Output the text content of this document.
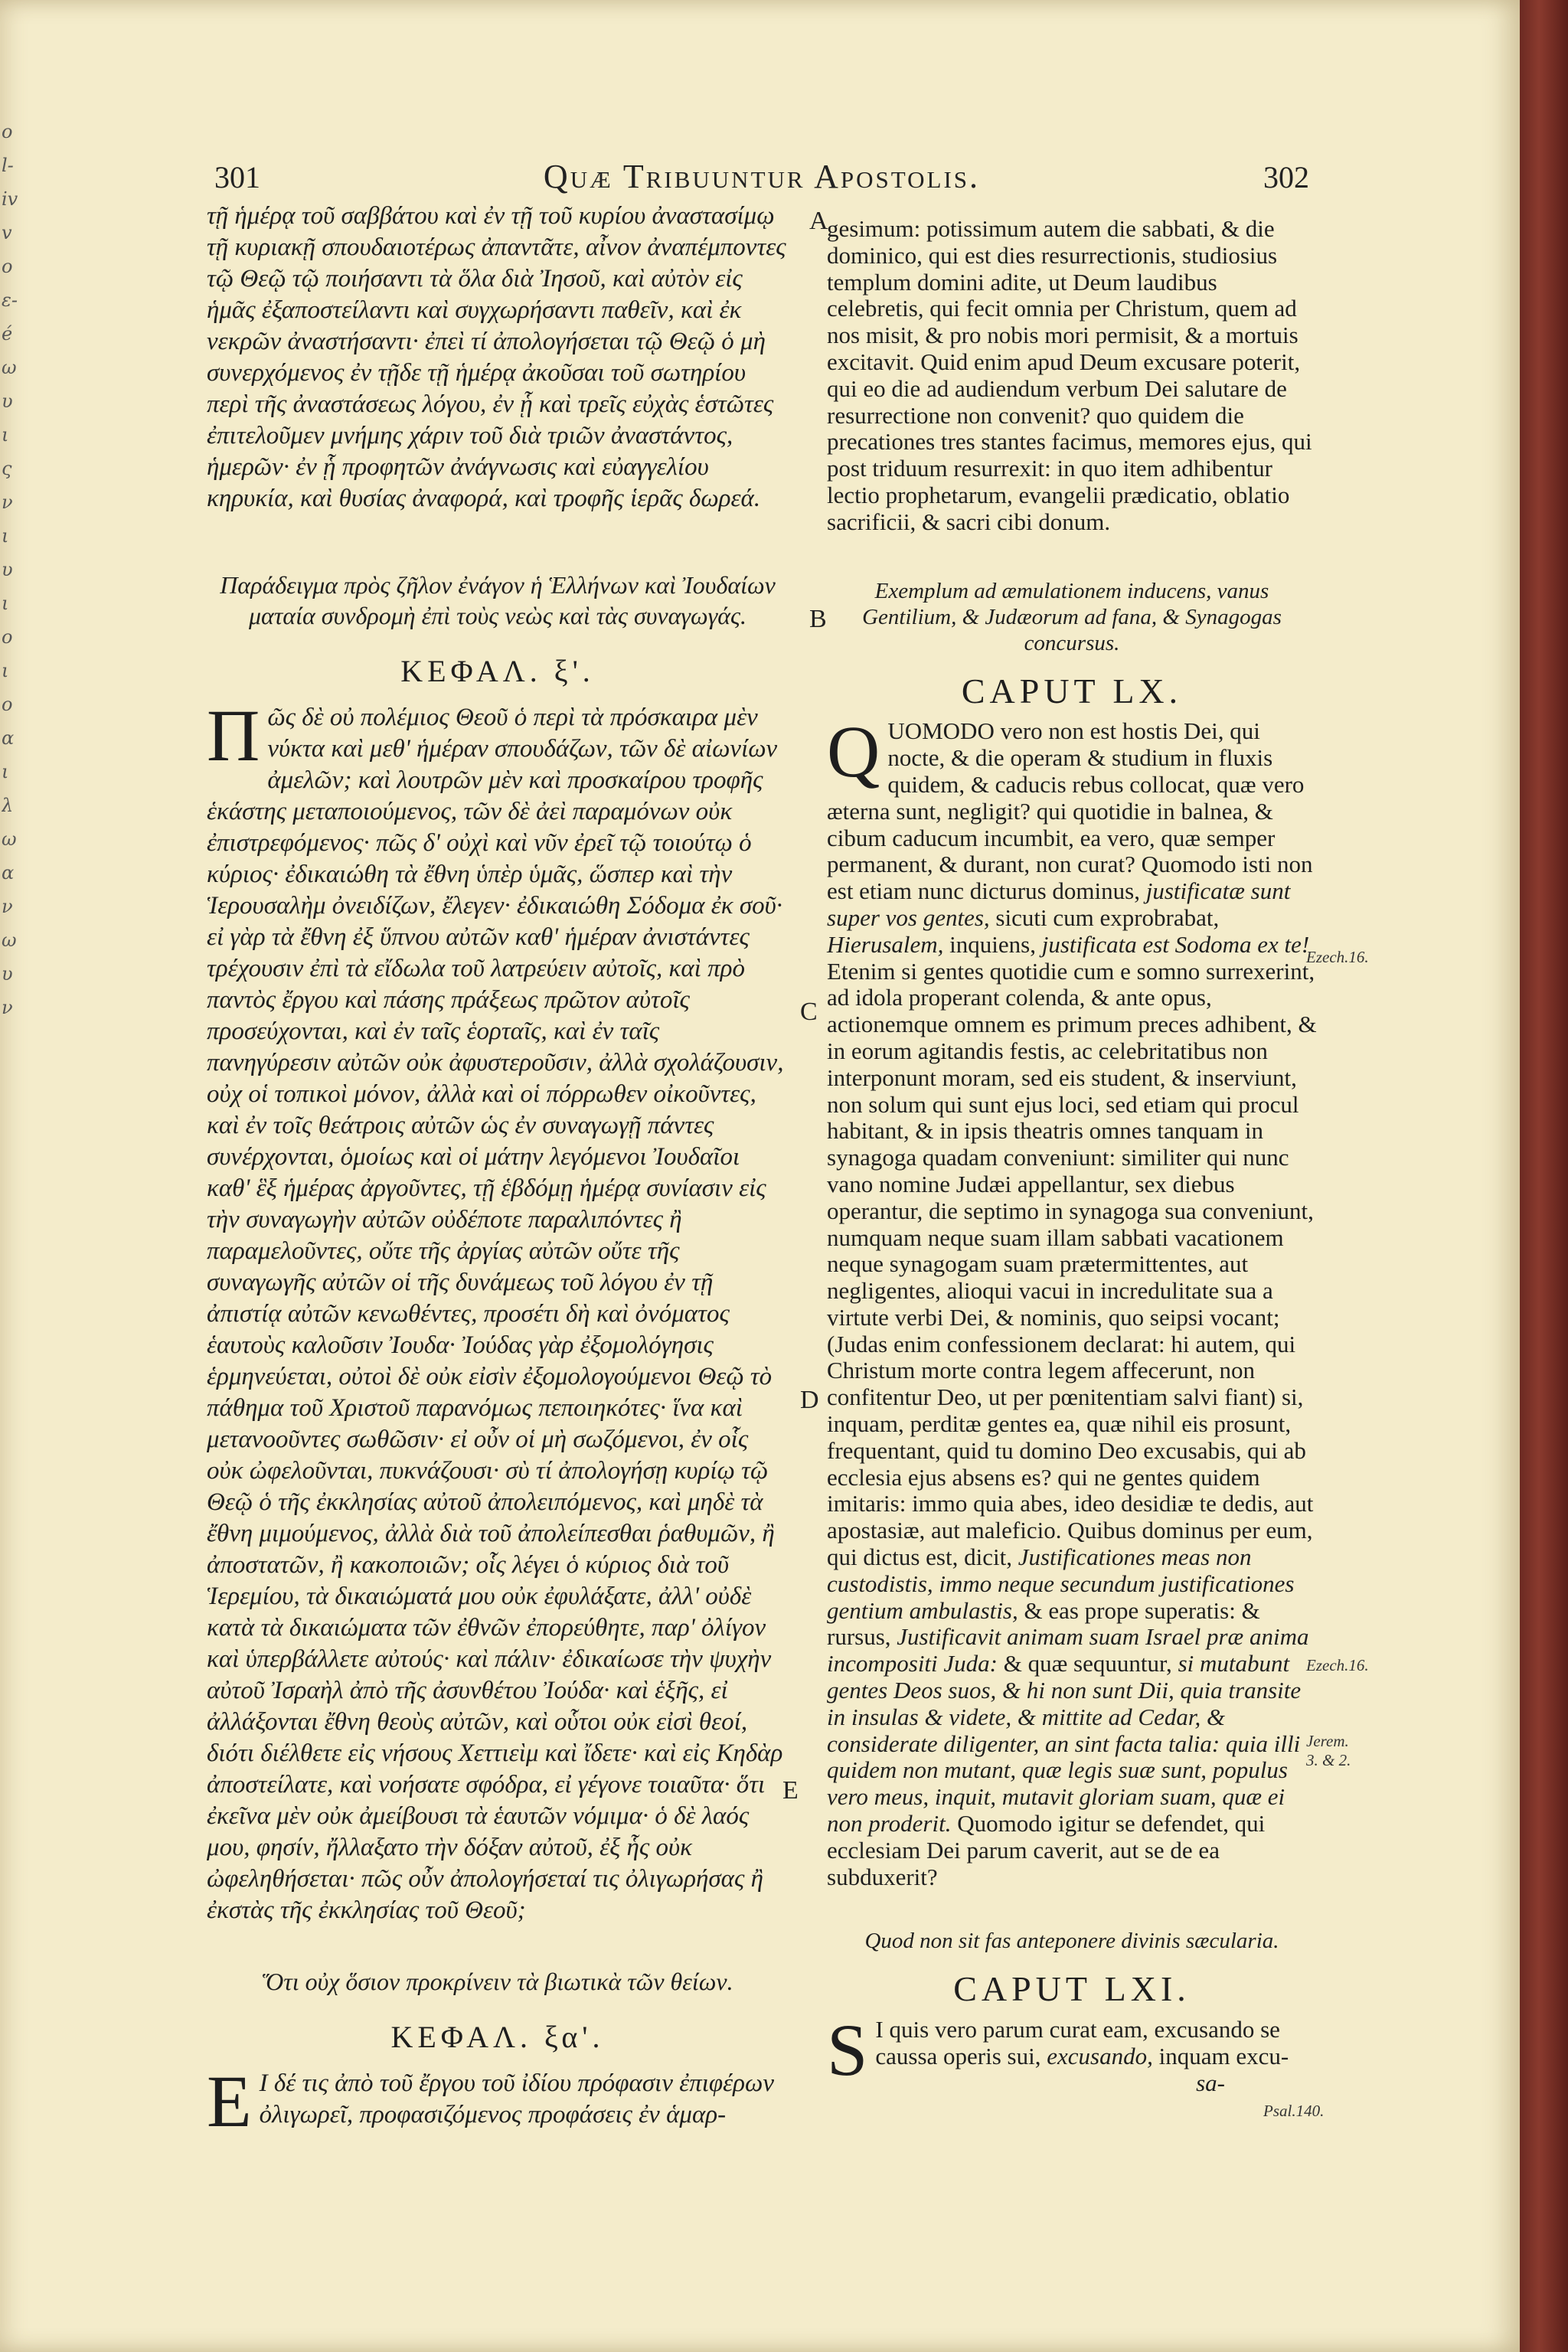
o
l-
iv
v
o
ε-
é
ω
υ
ι
ς
ν
ι
υ
ι
ο
ι
ο
α
ι
λ
ω
α
ν
ω
υ
ν
301	Quæ Tribuuntur Apostolis.	302

τῇ ἡμέρᾳ τοῦ σαββάτου καὶ ἐν τῇ τοῦ κυρίου ἀναστασίμῳ τῇ κυριακῇ σπουδαιοτέρως ἀπαντᾶτε, αἶνον ἀναπέμποντες τῷ Θεῷ τῷ ποιήσαντι τὰ ὅλα διὰ Ἰησοῦ, καὶ αὐτὸν εἰς ἡμᾶς ἐξαποστείλαντι καὶ συγχωρήσαντι παθεῖν, καὶ ἐκ νεκρῶν ἀναστήσαντι· ἐπεὶ τί ἀπολογήσεται τῷ Θεῷ ὁ μὴ συνερχόμενος ἐν τῇδε τῇ ἡμέρᾳ ἀκοῦσαι τοῦ σωτηρίου περὶ τῆς ἀναστάσεως λόγου, ἐν ᾗ καὶ τρεῖς εὐχὰς ἑστῶτες ἐπιτελοῦμεν μνήμης χάριν τοῦ διὰ τριῶν ἀναστάντος, ἡμερῶν· ἐν ᾗ προφητῶν ἀνάγνωσις καὶ εὐαγγελίου κηρυκία, καὶ θυσίας ἀναφορά, καὶ τροφῆς ἱερᾶς δωρεά.

Παράδειγμα πρὸς ζῆλον ἐνάγον ἡ Ἑλλήνων καὶ Ἰουδαίων ματαία συνδρομὴ ἐπὶ τοὺς νεὼς καὶ τὰς συναγωγάς.

ΚΕΦΑΛ. ξ'.

Πῶς δὲ οὐ πολέμιος Θεοῦ ὁ περὶ τὰ πρόσκαιρα μὲν νύκτα καὶ μεθ' ἡμέραν σπουδάζων, τῶν δὲ αἰωνίων ἀμελῶν; καὶ λουτρῶν μὲν καὶ προσκαίρου τροφῆς ἑκάστης μεταποιούμενος, τῶν δὲ ἀεὶ παραμόνων οὐκ ἐπιστρεφόμενος· πῶς δ' οὐχὶ καὶ νῦν ἐρεῖ τῷ τοιούτῳ ὁ κύριος· ἐδικαιώθη τὰ ἔθνη ὑπὲρ ὑμᾶς, ὥσπερ καὶ τὴν Ἱερουσαλὴμ ὀνειδίζων, ἔλεγεν· ἐδικαιώθη Σόδομα ἐκ σοῦ· εἰ γὰρ τὰ ἔθνη ἐξ ὕπνου αὐτῶν καθ' ἡμέραν ἀνιστάντες τρέχουσιν ἐπὶ τὰ εἴδωλα τοῦ λατρεύειν αὐτοῖς, καὶ πρὸ παντὸς ἔργου καὶ πάσης πράξεως πρῶτον αὐτοῖς προσεύχονται, καὶ ἐν ταῖς ἑορταῖς, καὶ ἐν ταῖς πανηγύρεσιν αὐτῶν οὐκ ἀφυστεροῦσιν, ἀλλὰ σχολάζουσιν, οὐχ οἱ τοπικοὶ μόνον, ἀλλὰ καὶ οἱ πόρρωθεν οἰκοῦντες, καὶ ἐν τοῖς θεάτροις αὐτῶν ὡς ἐν συναγωγῇ πάντες συνέρχονται, ὁμοίως καὶ οἱ μάτην λεγόμενοι Ἰουδαῖοι καθ' ἓξ ἡμέρας ἀργοῦντες, τῇ ἑβδόμῃ ἡμέρᾳ συνίασιν εἰς τὴν συναγωγὴν αὐτῶν οὐδέποτε παραλιπόντες ἢ παραμελοῦντες, οὔτε τῆς ἀργίας αὐτῶν οὔτε τῆς συναγωγῆς αὐτῶν οἱ τῆς δυνάμεως τοῦ λόγου ἐν τῇ ἀπιστίᾳ αὐτῶν κενωθέντες, προσέτι δὴ καὶ ὀνόματος ἑαυτοὺς καλοῦσιν Ἰουδα· Ἰούδας γὰρ ἐξομολόγησις ἑρμηνεύεται, οὐτοὶ δὲ οὐκ εἰσὶν ἐξομολογούμενοι Θεῷ τὸ πάθημα τοῦ Χριστοῦ παρανόμως πεποιηκότες· ἵνα καὶ μετανοοῦντες σωθῶσιν· εἰ οὖν οἱ μὴ σωζόμενοι, ἐν οἷς οὐκ ὠφελοῦνται, πυκνάζουσι· σὺ τί ἀπολογήσῃ κυρίῳ τῷ Θεῷ ὁ τῆς ἐκκλησίας αὐτοῦ ἀπολειπόμενος, καὶ μηδὲ τὰ ἔθνη μιμούμενος, ἀλλὰ διὰ τοῦ ἀπολείπεσθαι ῥαθυμῶν, ἢ ἀποστατῶν, ἢ κακοποιῶν; οἷς λέγει ὁ κύριος διὰ τοῦ Ἱερεμίου, τὰ δικαιώματά μου οὐκ ἐφυλάξατε, ἀλλ' οὐδὲ κατὰ τὰ δικαιώματα τῶν ἐθνῶν ἐπορεύθητε, παρ' ὀλίγον καὶ ὑπερβάλλετε αὐτούς· καὶ πάλιν· ἐδικαίωσε τὴν ψυχὴν αὐτοῦ Ἰσραὴλ ἀπὸ τῆς ἀσυνθέτου Ἰούδα· καὶ ἑξῆς, εἰ ἀλλάξονται ἔθνη θεοὺς αὐτῶν, καὶ οὗτοι οὐκ εἰσὶ θεοί, διότι διέλθετε εἰς νήσους Χεττιεὶμ καὶ ἴδετε· καὶ εἰς Κηδὰρ ἀποστείλατε, καὶ νοήσατε σφόδρα, εἰ γέγονε τοιαῦτα· ὅτι ἐκεῖνα μὲν οὐκ ἀμείβουσι τὰ ἑαυτῶν νόμιμα· ὁ δὲ λαός μου, φησίν, ἤλλαξατο τὴν δόξαν αὐτοῦ, ἐξ ἧς οὐκ ὠφεληθήσεται· πῶς οὖν ἀπολογήσεταί τις ὀλιγωρήσας ἢ ἐκστὰς τῆς ἐκκλησίας τοῦ Θεοῦ;

Ὅτι οὐχ ὅσιον προκρίνειν τὰ βιωτικὰ τῶν θείων.

ΚΕΦΑΛ. ξα'.

Ε Ι δέ τις ἀπὸ τοῦ ἔργου τοῦ ἰδίου πρόφασιν ἐπιφέρων ὀλιγωρεῖ, προφασιζόμενος προφάσεις ἐν ἁμαρ-

gesimum: potissimum autem die sabbati, & die dominico, qui est dies resurrectionis, studiosius templum domini adite, ut Deum laudibus celebretis, qui fecit omnia per Christum, quem ad nos misit, & pro nobis mori permisit, & a mortuis excitavit. Quid enim apud Deum excusare poterit, qui eo die ad audiendum verbum Dei salutare de resurrectione non convenit? quo quidem die precationes tres stantes facimus, memores ejus, qui post triduum resurrexit: in quo item adhibentur lectio prophetarum, evangelii prædicatio, oblatio sacrificii, & sacri cibi donum.

Exemplum ad æmulationem inducens, vanus Gentilium, & Judæorum ad fana, & Synagogas concursus.

CAPUT LX.

QUOMODO vero non est hostis Dei, qui nocte, & die operam & studium in fluxis quidem, & caducis rebus collocat, quæ vero æterna sunt, negligit? qui quotidie in balnea, & cibum caducum incumbit, ea vero, quæ semper permanent, & durant, non curat? Quomodo isti non est etiam nunc dicturus dominus, justificatæ sunt super vos gentes, sicuti cum exprobrabat, Hierusalem, inquiens, justificata est Sodoma ex te! Etenim si gentes quotidie cum e somno surrexerint, ad idola properant colenda, & ante opus, actionemque omnem es primum preces adhibent, & in eorum agitandis festis, ac celebritatibus non interponunt moram, sed eis student, & inserviunt, non solum qui sunt ejus loci, sed etiam qui procul habitant, & in ipsis theatris omnes tanquam in synagoga quadam conveniunt: similiter qui nunc vano nomine Judæi appellantur, sex diebus operantur, die septimo in synagoga sua conveniunt, numquam neque suam illam sabbati vacationem neque synagogam suam prætermittentes, aut negligentes, alioqui vacui in incredulitate sua a virtute verbi Dei, & nominis, quo seipsi vocant; (Judas enim confessionem declarat: hi autem, qui Christum morte contra legem affecerunt, non confitentur Deo, ut per pœnitentiam salvi fiant) si, inquam, perditæ gentes ea, quæ nihil eis prosunt, frequentant, quid tu domino Deo excusabis, qui ab ecclesia ejus absens es? qui ne gentes quidem imitaris: immo quia abes, ideo desidiæ te dedis, aut apostasiæ, aut maleficio. Quibus dominus per eum, qui dictus est, dicit, Justificationes meas non custodistis, immo neque secundum justificationes gentium ambulastis, & eas prope superatis: & rursus, Justificavit animam suam Israel præ anima incompositi Juda: & quæ sequuntur, si mutabunt gentes Deos suos, & hi non sunt Dii, quia transite in insulas & videte, & mittite ad Cedar, & considerate diligenter, an sint facta talia: quia illi quidem non mutant, quæ legis suæ sunt, populus vero meus, inquit, mutavit gloriam suam, quæ ei non proderit. Quomodo igitur se defendet, qui ecclesiam Dei parum caverit, aut se de ea subduxerit?

Quod non sit fas anteponere divinis sæcularia.

CAPUT LXI.

S I quis vero parum curat eam, excusando se caussa operis sui, excusando, inquam excu-

sa-

A
B
C
D
E
Ezech.16.
Ezech.16.
Jerem. 3. & 2.
Psal.140.
